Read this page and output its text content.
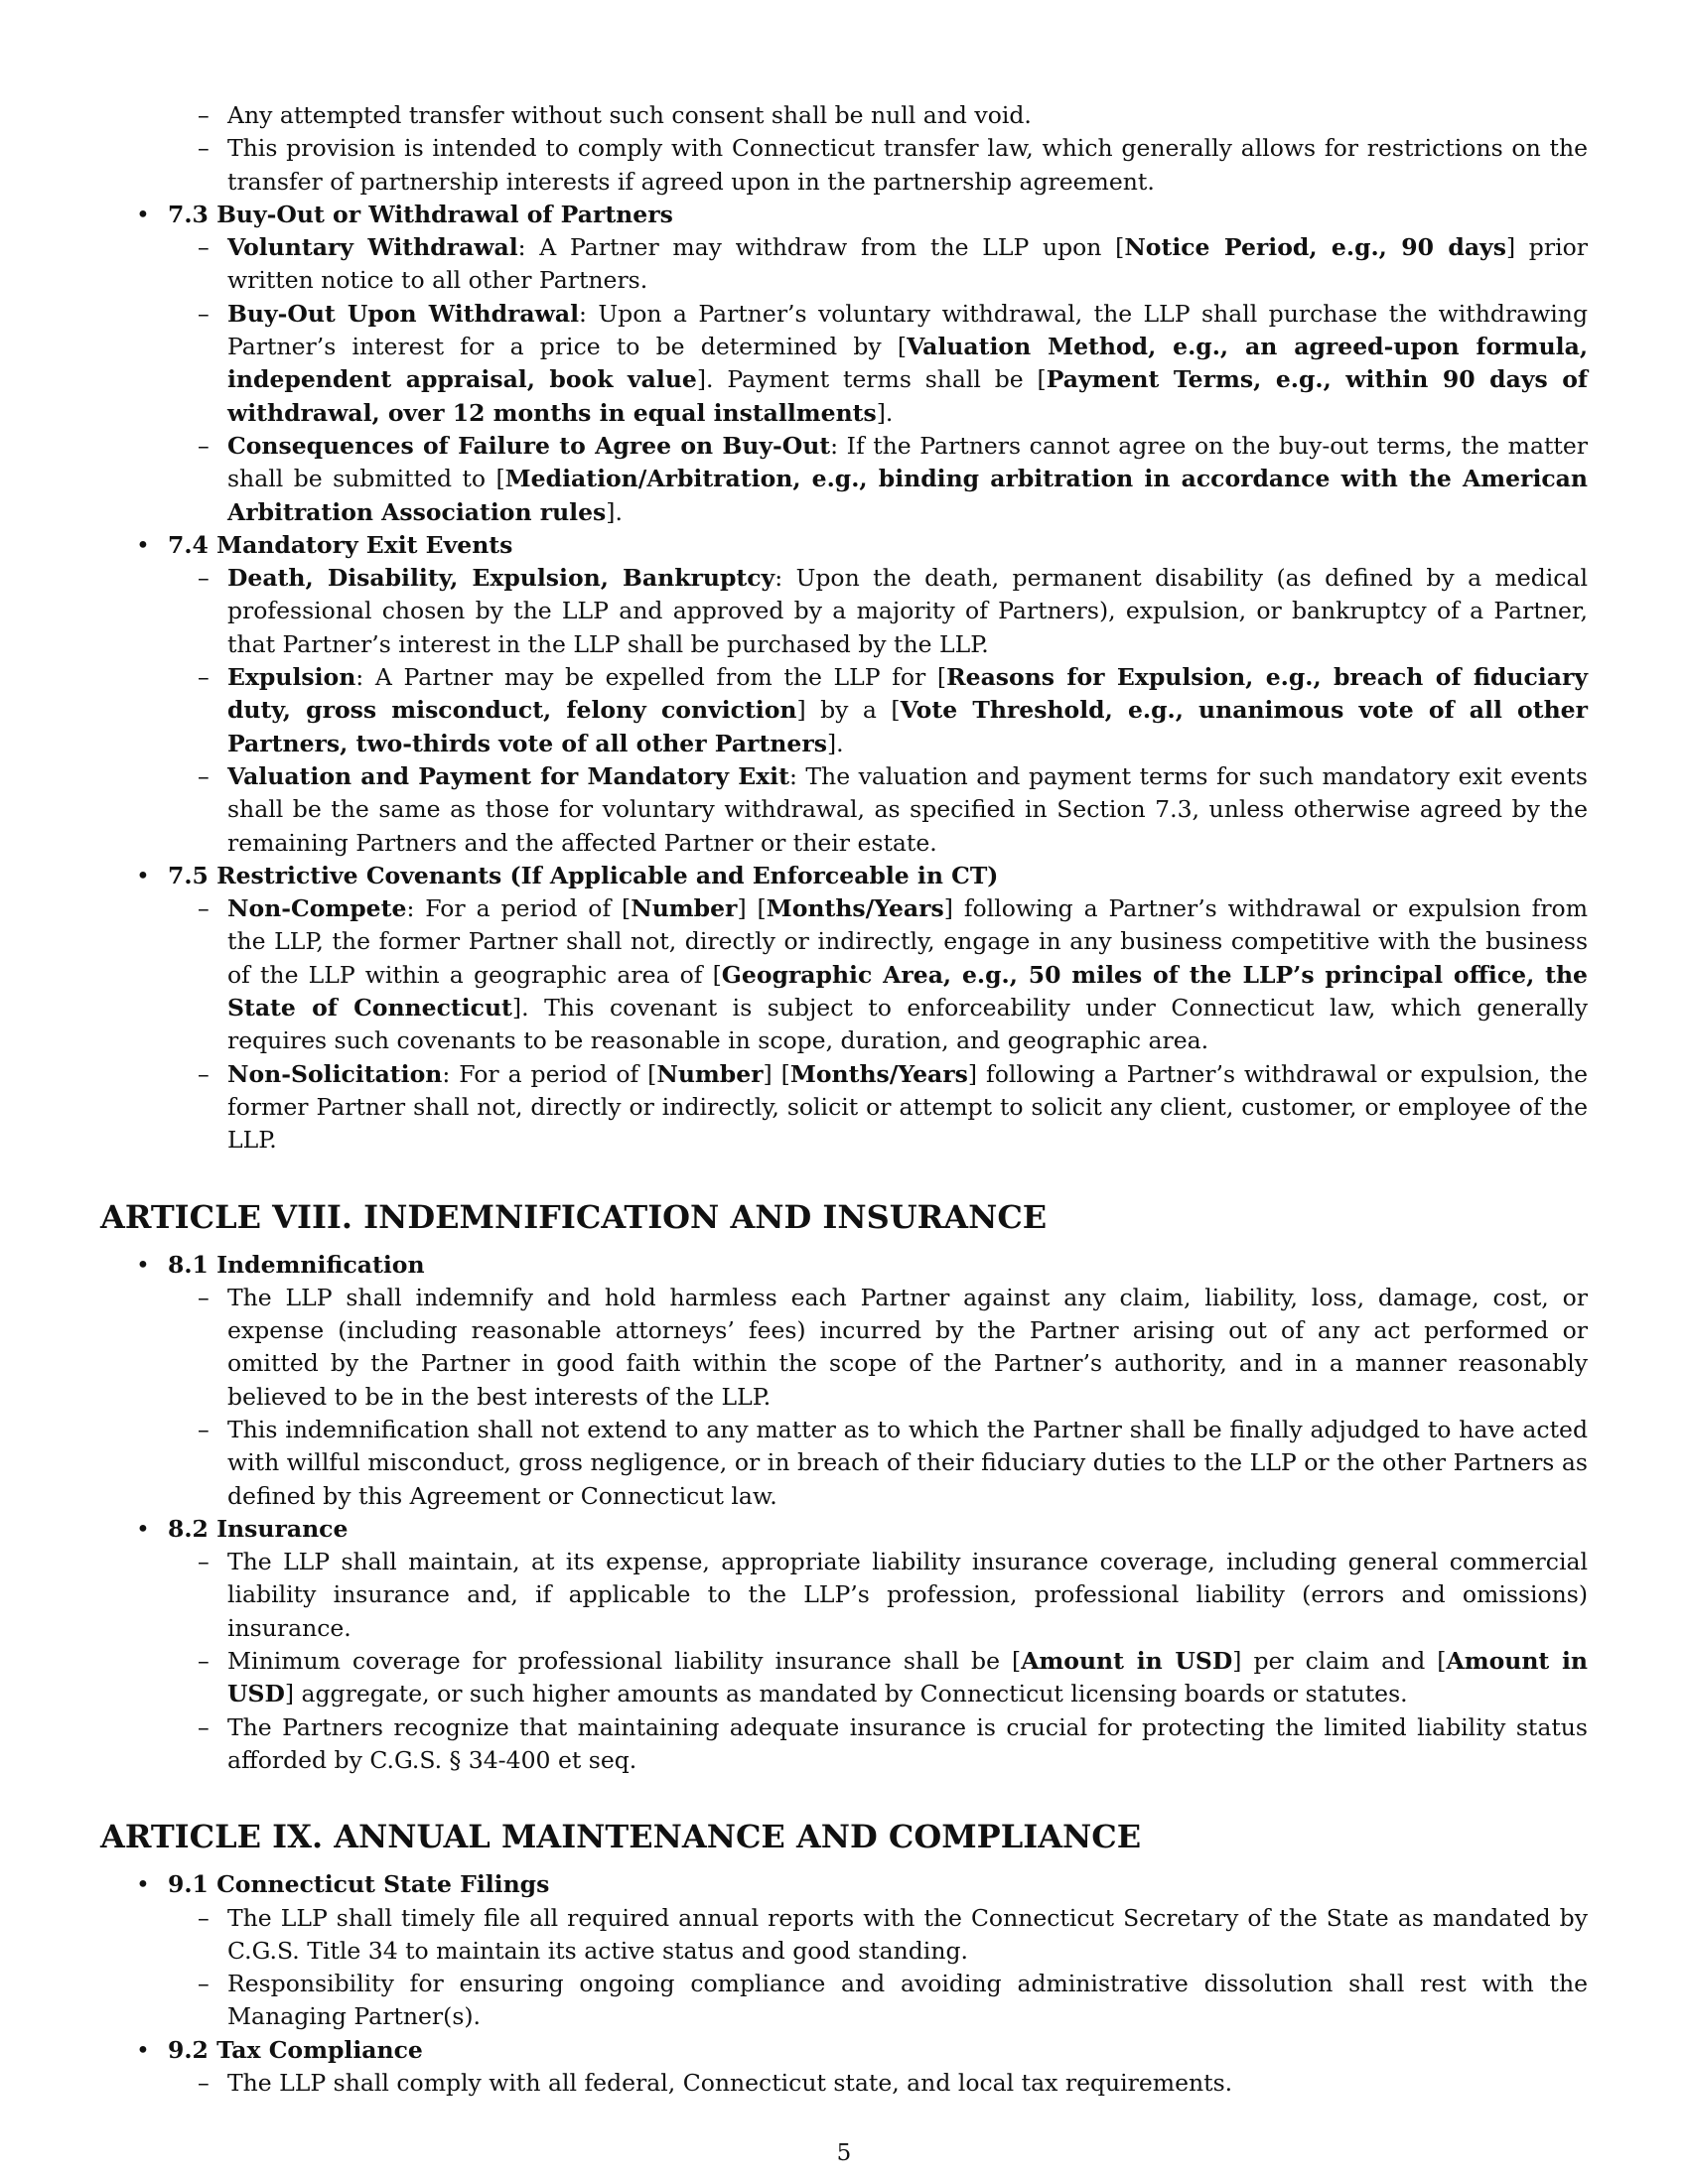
– Any attempted transfer without such consent shall be null and void.
– This provision is intended to comply with Connecticut transfer law, which generally allows for restrictions on the transfer of partnership interests if agreed upon in the partnership agreement.
• 7.3 Buy-Out or Withdrawal of Partners
– Voluntary Withdrawal: A Partner may withdraw from the LLP upon [Notice Period, e.g., 90 days] prior written notice to all other Partners.
– Buy-Out Upon Withdrawal: Upon a Partner’s voluntary withdrawal, the LLP shall purchase the withdrawing Partner’s interest for a price to be determined by [Valuation Method, e.g., an agreed-upon formula, independent appraisal, book value]. Payment terms shall be [Payment Terms, e.g., within 90 days of withdrawal, over 12 months in equal installments].
– Consequences of Failure to Agree on Buy-Out: If the Partners cannot agree on the buy-out terms, the matter shall be submitted to [Mediation/Arbitration, e.g., binding arbitration in accordance with the American Arbitration Association rules].
• 7.4 Mandatory Exit Events
– Death, Disability, Expulsion, Bankruptcy: Upon the death, permanent disability (as defined by a medical professional chosen by the LLP and approved by a majority of Partners), expulsion, or bankruptcy of a Partner, that Partner’s interest in the LLP shall be purchased by the LLP.
– Expulsion: A Partner may be expelled from the LLP for [Reasons for Expulsion, e.g., breach of fiduciary duty, gross misconduct, felony conviction] by a [Vote Threshold, e.g., unanimous vote of all other Partners, two-thirds vote of all other Partners].
– Valuation and Payment for Mandatory Exit: The valuation and payment terms for such mandatory exit events shall be the same as those for voluntary withdrawal, as specified in Section 7.3, unless otherwise agreed by the remaining Partners and the affected Partner or their estate.
• 7.5 Restrictive Covenants (If Applicable and Enforceable in CT)
– Non-Compete: For a period of [Number] [Months/Years] following a Partner’s withdrawal or expulsion from the LLP, the former Partner shall not, directly or indirectly, engage in any business competitive with the business of the LLP within a geographic area of [Geographic Area, e.g., 50 miles of the LLP’s principal office, the State of Connecticut]. This covenant is subject to enforceability under Connecticut law, which generally requires such covenants to be reasonable in scope, duration, and geographic area.
– Non-Solicitation: For a period of [Number] [Months/Years] following a Partner’s withdrawal or expulsion, the former Partner shall not, directly or indirectly, solicit or attempt to solicit any client, customer, or employee of the LLP.
ARTICLE VIII. INDEMNIFICATION AND INSURANCE
• 8.1 Indemnification
– The LLP shall indemnify and hold harmless each Partner against any claim, liability, loss, damage, cost, or expense (including reasonable attorneys’ fees) incurred by the Partner arising out of any act performed or omitted by the Partner in good faith within the scope of the Partner’s authority, and in a manner reasonably believed to be in the best interests of the LLP.
– This indemnification shall not extend to any matter as to which the Partner shall be finally adjudged to have acted with willful misconduct, gross negligence, or in breach of their fiduciary duties to the LLP or the other Partners as defined by this Agreement or Connecticut law.
• 8.2 Insurance
– The LLP shall maintain, at its expense, appropriate liability insurance coverage, including general commercial liability insurance and, if applicable to the LLP’s profession, professional liability (errors and omissions) insurance.
– Minimum coverage for professional liability insurance shall be [Amount in USD] per claim and [Amount in USD] aggregate, or such higher amounts as mandated by Connecticut licensing boards or statutes.
– The Partners recognize that maintaining adequate insurance is crucial for protecting the limited liability status afforded by C.G.S. § 34-400 et seq.
ARTICLE IX. ANNUAL MAINTENANCE AND COMPLIANCE
• 9.1 Connecticut State Filings
– The LLP shall timely file all required annual reports with the Connecticut Secretary of the State as mandated by C.G.S. Title 34 to maintain its active status and good standing.
– Responsibility for ensuring ongoing compliance and avoiding administrative dissolution shall rest with the Managing Partner(s).
• 9.2 Tax Compliance
– The LLP shall comply with all federal, Connecticut state, and local tax requirements.
5
